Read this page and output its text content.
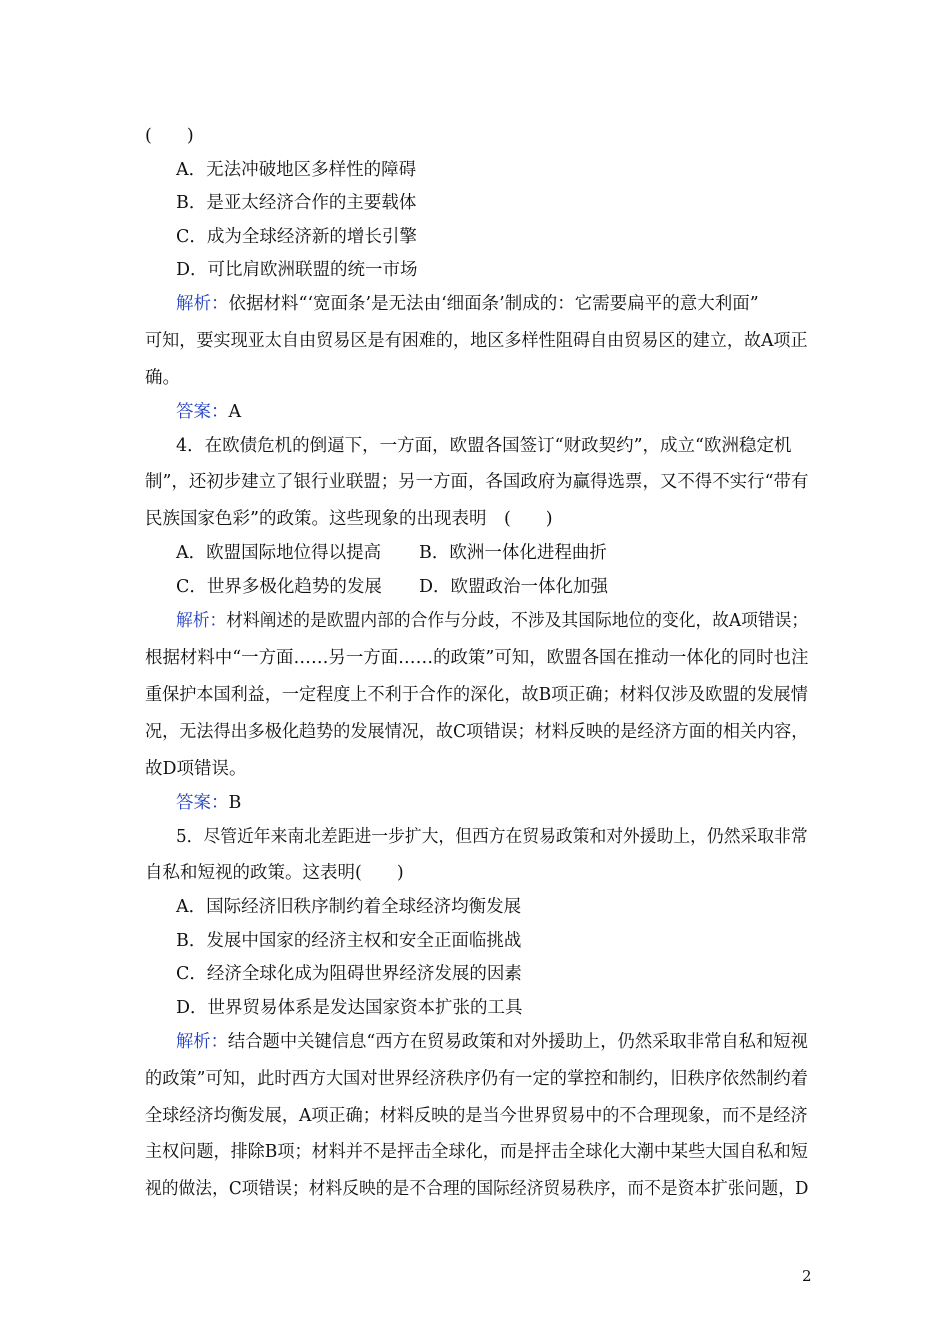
(　　)
A．无法冲破地区多样性的障碍
B．是亚太经济合作的主要载体
C．成为全球经济新的增长引擎
D．可比肩欧洲联盟的统一市场
解析：依据材料“‘宽面条’是无法由‘细面条’制成的：它需要扁平的意大利面”
可知，要实现亚太自由贸易区是有困难的，地区多样性阻碍自由贸易区的建立，故A项正
确。
答案：A
4．在欧债危机的倒逼下，一方面，欧盟各国签订“财政契约”，成立“欧洲稳定机
制”，还初步建立了银行业联盟；另一方面，各国政府为赢得选票，又不得不实行“带有
民族国家色彩”的政策。这些现象的出现表明　(　　)
A．欧盟国际地位得以提高 B．欧洲一体化进程曲折
C．世界多极化趋势的发展 D．欧盟政治一体化加强
解析：材料阐述的是欧盟内部的合作与分歧，不涉及其国际地位的变化，故A项错误；
根据材料中“一方面……另一方面……的政策”可知，欧盟各国在推动一体化的同时也注
重保护本国利益，一定程度上不利于合作的深化，故B项正确；材料仅涉及欧盟的发展情
况，无法得出多极化趋势的发展情况，故C项错误；材料反映的是经济方面的相关内容，
故D项错误。
答案：B
5．尽管近年来南北差距进一步扩大，但西方在贸易政策和对外援助上，仍然采取非常
自私和短视的政策。这表明(　　)
A．国际经济旧秩序制约着全球经济均衡发展
B．发展中国家的经济主权和安全正面临挑战
C．经济全球化成为阻碍世界经济发展的因素
D．世界贸易体系是发达国家资本扩张的工具
解析：结合题中关键信息“西方在贸易政策和对外援助上，仍然采取非常自私和短视
的政策”可知，此时西方大国对世界经济秩序仍有一定的掌控和制约，旧秩序依然制约着
全球经济均衡发展，A项正确；材料反映的是当今世界贸易中的不合理现象，而不是经济
主权问题，排除B项；材料并不是抨击全球化，而是抨击全球化大潮中某些大国自私和短
视的做法，C项错误；材料反映的是不合理的国际经济贸易秩序，而不是资本扩张问题，D
2
